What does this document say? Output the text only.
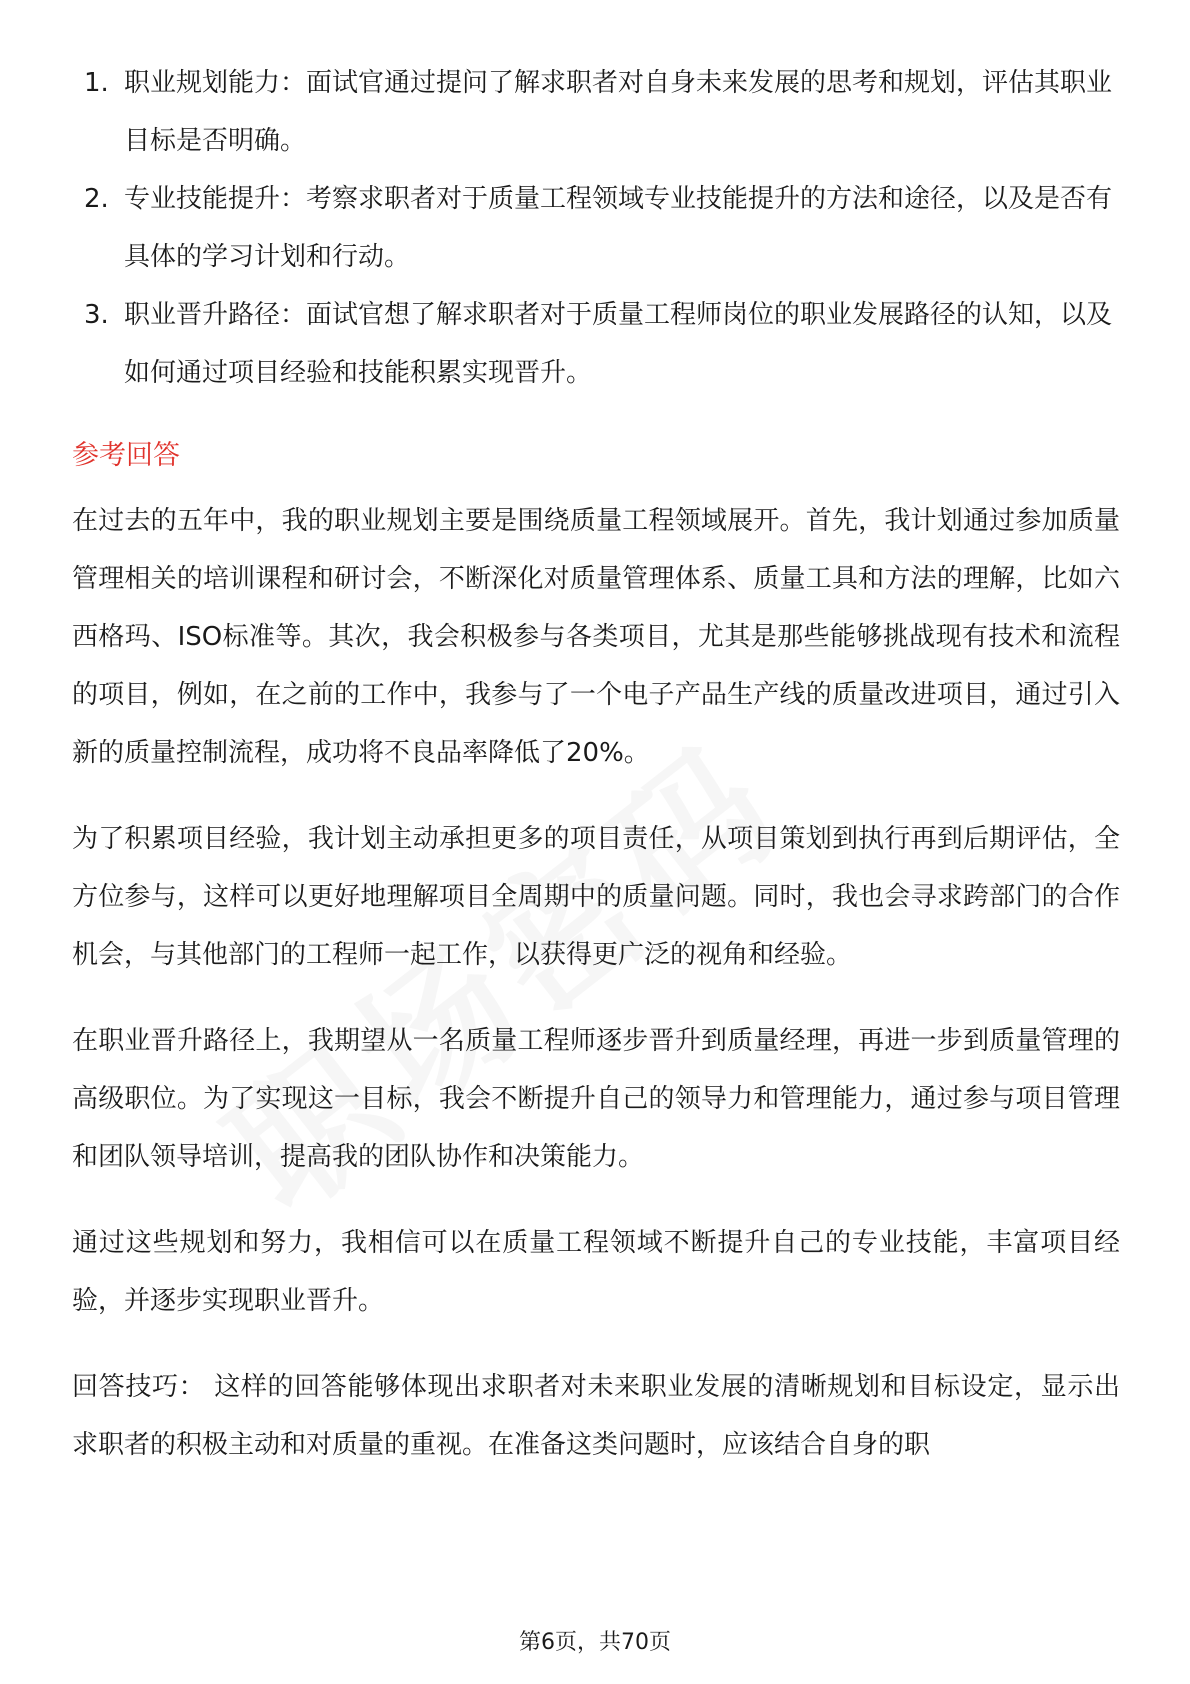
1. 职业规划能力：面试官通过提问了解求职者对自身未来发展的思考和规划，评估其职业目标是否明确。
2. 专业技能提升：考察求职者对于质量工程领域专业技能提升的方法和途径，以及是否有具体的学习计划和行动。
3. 职业晋升路径：面试官想了解求职者对于质量工程师岗位的职业发展路径的认知，以及如何通过项目经验和技能积累实现晋升。
参考回答

在过去的五年中，我的职业规划主要是围绕质量工程领域展开。首先，我计划通过参加质量管理相关的培训课程和研讨会，不断深化对质量管理体系、质量工具和方法的理解，比如六西格玛、ISO标准等。其次，我会积极参与各类项目，尤其是那些能够挑战现有技术和流程的项目，例如，在之前的工作中，我参与了一个电子产品生产线的质量改进项目，通过引入新的质量控制流程，成功将不良品率降低了20%。

为了积累项目经验，我计划主动承担更多的项目责任，从项目策划到执行再到后期评估，全方位参与，这样可以更好地理解项目全周期中的质量问题。同时，我也会寻求跨部门的合作机会，与其他部门的工程师一起工作，以获得更广泛的视角和经验。

在职业晋升路径上，我期望从一名质量工程师逐步晋升到质量经理，再进一步到质量管理的高级职位。为了实现这一目标，我会不断提升自己的领导力和管理能力，通过参与项目管理和团队领导培训，提高我的团队协作和决策能力。

通过这些规划和努力，我相信可以在质量工程领域不断提升自己的专业技能，丰富项目经验，并逐步实现职业晋升。

回答技巧： 这样的回答能够体现出求职者对未来职业发展的清晰规划和目标设定，显示出求职者的积极主动和对质量的重视。在准备这类问题时，应该结合自身的职

第6页，共70页
